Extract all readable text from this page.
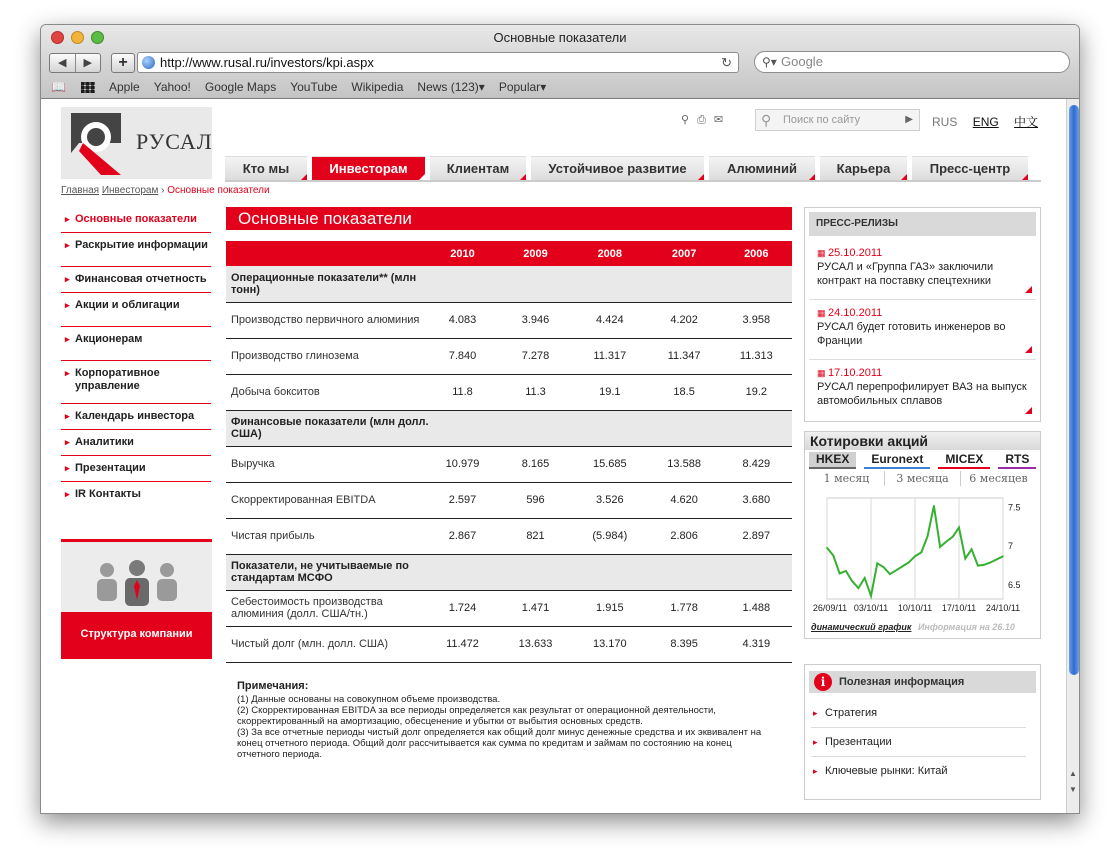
Основные показатели
◀	▶	+	http://www.rusal.ru/investors/kpi.aspx	↻	⚲▾ Google
📖	Apple Yahoo! Google Maps YouTube Wikipedia News (123)▾ Popular▾
РУСАЛ
⚲⎙✉ ⚲ Поиск по сайту	▶ RUS ENG 中文
Кто мы	Инвесторам	Клиентам	Устойчивое развитие	Алюминий	Карьера	Пресс-центр
Главная Инвесторам › Основные показатели
▸ Основные показатели
▸ Раскрытие информации
▸ Финансовая отчетность
▸ Акции и облигации
▸ Акционерам
▸ Корпоративное управление
▸ Календарь инвестора
▸ Аналитики
▸ Презентации
▸ IR Контакты
Структура компании
Основные показатели
	2010	2009	2008	2007	2006
Операционные показатели** (млн тонн)					
Производство первичного алюминия	4.083	3.946	4.424	4.202	3.958
Производство глинозема	7.840	7.278	11.317	11.347	11.313
Добыча бокситов	11.8	11.3	19.1	18.5	19.2
Финансовые показатели (млн долл. США)					
Выручка	10.979	8.165	15.685	13.588	8.429
Скорректированная EBITDA	2.597	596	3.526	4.620	3.680
Чистая прибыль	2.867	821	(5.984)	2.806	2.897
Показатели, не учитываемые по стандартам МСФО					
Себестоимость производства алюминия (долл. США/тн.)	1.724	1.471	1.915	1.778	1.488
Чистый долг (млн. долл. США)	11.472	13.633	13.170	8.395	4.319
Примечания:
(1) Данные основаны на совокупном объеме производства.
(2) Скорректированная EBITDA за все периоды определяется как результат от операционной деятельности, скорректированный на амортизацию, обесценение и убытки от выбытия основных средств.
(3) За все отчетные периоды чистый долг определяется как общий долг минус денежные средства и их эквивалент на конец отчетного периода. Общий долг рассчитывается как сумма по кредитам и займам по состоянию на конец отчетного периода.
ПРЕСС-РЕЛИЗЫ
▦ 25.10.2011
РУСАЛ и «Группа ГАЗ» заключили контракт на поставку спецтехники
▦ 24.10.2011
РУСАЛ будет готовить инженеров во Франции
▦ 17.10.2011
РУСАЛ перепрофилирует ВАЗ на выпуск автомобильных сплавов
Котировки акций
HKEX	Euronext	MICEX	RTS
1 месяц	3 месяца	6 месяцев
26/09/11 03/10/11 10/10/11 17/10/11 24/10/11
6.5
7
7.5
динамический график Информация на 26.10
i	Полезная информация
▸ Стратегия
▸ Презентации
▸ Ключевые рынки: Китай	▲
▼
